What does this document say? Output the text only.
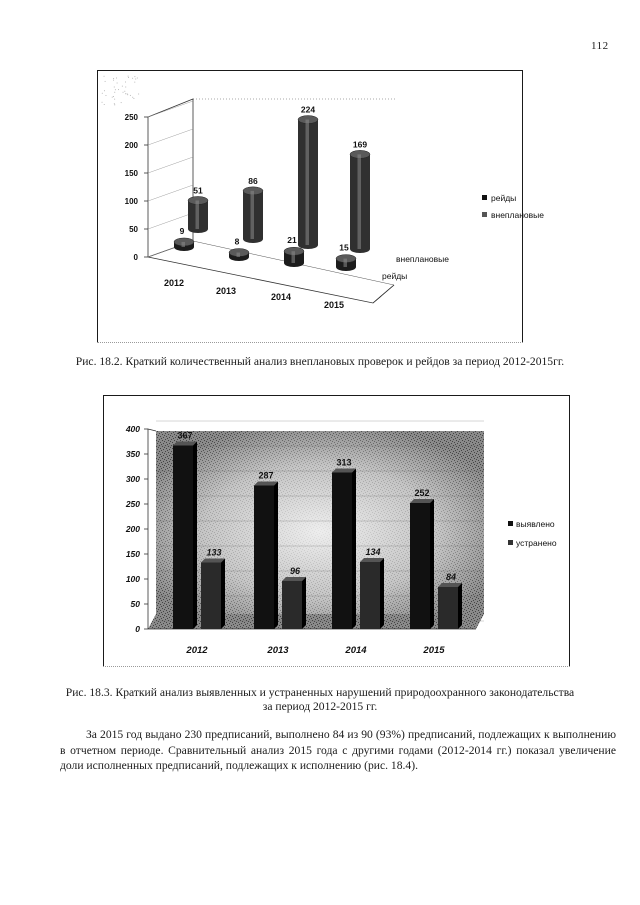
112
0
50
100
150
200
250
51
86
224
169
9
8	21
15
2012
2013
2014
2015
внеплановые
рейды
рейды
внеплановые
Рис. 18.2. Краткий количественный анализ внеплановых проверок и рейдов за период 2012-2015гг.
0
50
100
150
200
250
300
350
400
367
133
2012
287
96
2013
313
134
2014
252
84
2015
выявлено
устранено
Рис. 18.3. Краткий анализ выявленных и устраненных нарушений природоохранного законодательства за период 2012-2015 гг.
За 2015 год выдано 230 предписаний, выполнено 84 из 90 (93%) предписаний, подлежащих к выполнению в отчетном периоде. Сравнительный анализ 2015 года с другими годами (2012-2014 гг.) показал увеличение доли исполненных предписаний, подлежащих к исполнению (рис. 18.4).
